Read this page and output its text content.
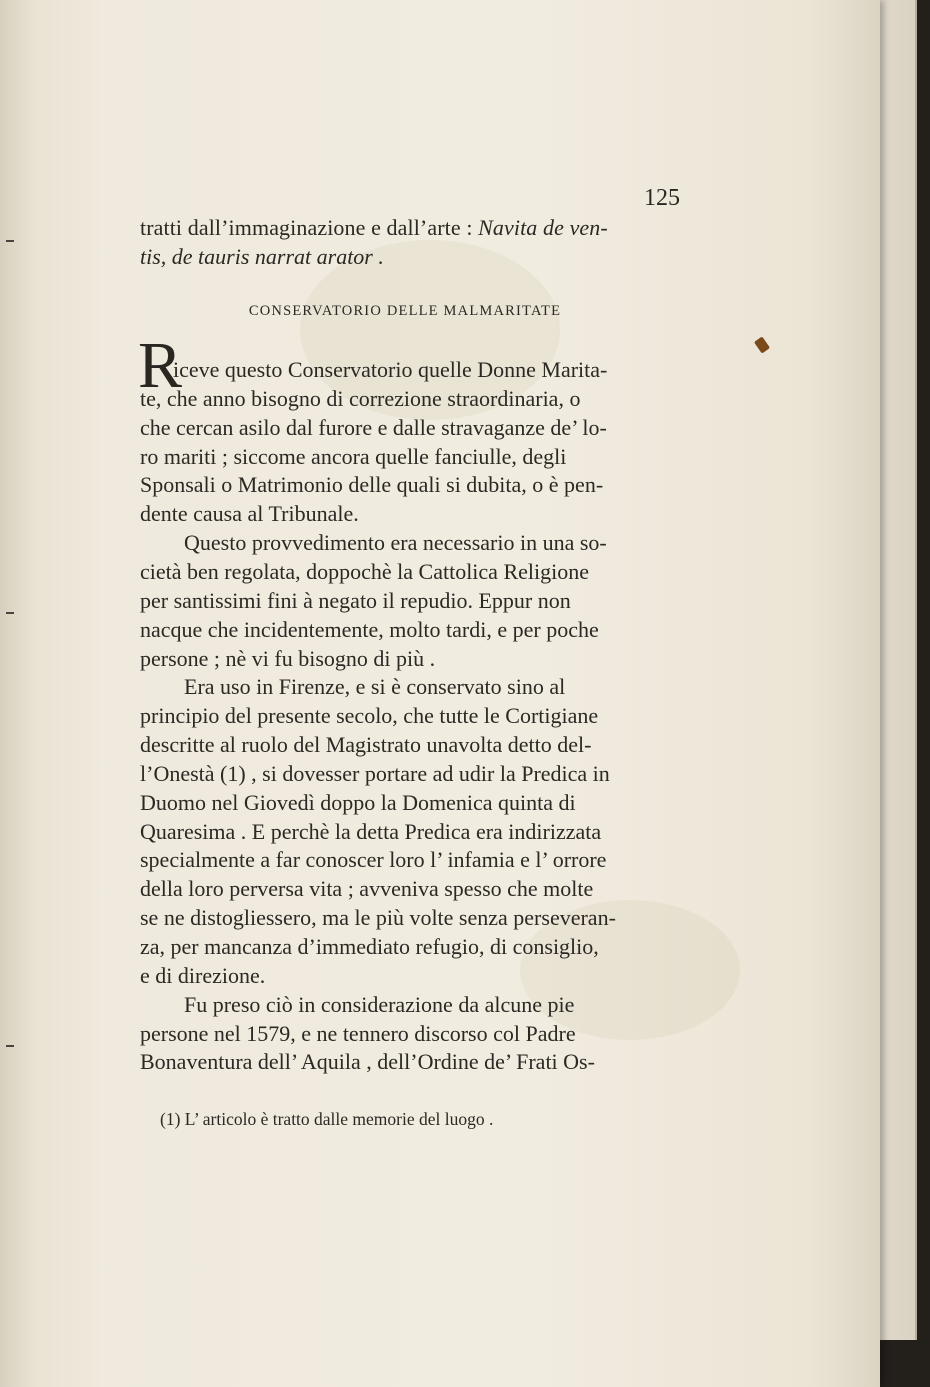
125
tratti dall’immaginazione e dall’arte : Navita de ven-
tis, de tauris narrat arator .
CONSERVATORIO DELLE MALMARITATE
R
iceve questo Conservatorio quelle Donne Marita-
te, che anno bisogno di correzione straordinaria, o
che cercan asilo dal furore e dalle stravaganze de’ lo-
ro mariti ; siccome ancora quelle fanciulle, degli
Sponsali o Matrimonio delle quali si dubita, o è pen-
dente causa al Tribunale.
Questo provvedimento era necessario in una so-
cietà ben regolata, doppochè la Cattolica Religione
per santissimi fini à negato il repudio. Eppur non
nacque che incidentemente, molto tardi, e per poche
persone ; nè vi fu bisogno di più .
Era uso in Firenze, e si è conservato sino al
principio del presente secolo, che tutte le Cortigiane
descritte al ruolo del Magistrato unavolta detto del-
l’Onestà (1) , si dovesser portare ad udir la Predica in
Duomo nel Giovedì doppo la Domenica quinta di
Quaresima . E perchè la detta Predica era indirizzata
specialmente a far conoscer loro l’ infamia e l’ orrore
della loro perversa vita ; avveniva spesso che molte
se ne distogliessero, ma le più volte senza perseveran-
za, per mancanza d’immediato refugio, di consiglio,
e di direzione.
Fu preso ciò in considerazione da alcune pie
persone nel 1579, e ne tennero discorso col Padre
Bonaventura dell’ Aquila , dell’Ordine de’ Frati Os-
(1) L’ articolo è tratto dalle memorie del luogo .
